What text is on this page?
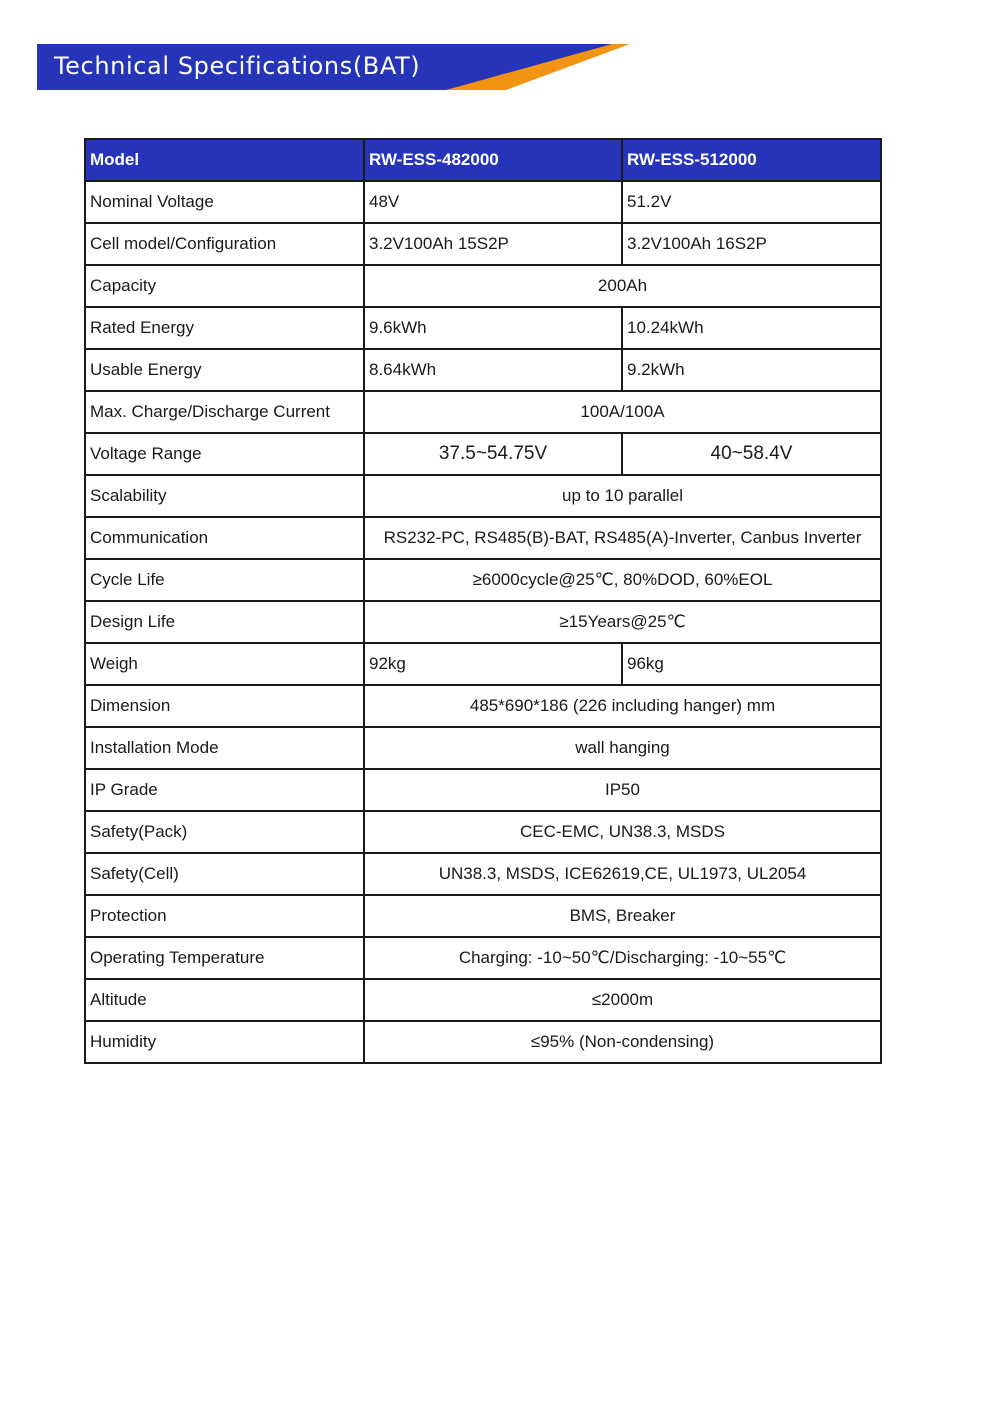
Technical Specifications(BAT)
Model	RW-ESS-482000	RW-ESS-512000
Nominal Voltage	48V	51.2V
Cell model/Configuration	3.2V100Ah 15S2P	3.2V100Ah 16S2P
Capacity	200Ah	
Rated Energy	9.6kWh	10.24kWh
Usable Energy	8.64kWh	9.2kWh
Max. Charge/Discharge Current	100A/100A	
Voltage Range	37.5~54.75V	40~58.4V
Scalability	up to 10 parallel	
Communication	RS232-PC, RS485(B)-BAT, RS485(A)-Inverter, Canbus Inverter	
Cycle Life	≥6000cycle@25℃, 80%DOD, 60%EOL	
Design Life	≥15Years@25℃	
Weigh	92kg	96kg
Dimension	485*690*186 (226 including hanger) mm	
Installation Mode	wall hanging	
IP Grade	IP50	
Safety(Pack)	CEC-EMC, UN38.3, MSDS	
Safety(Cell)	UN38.3, MSDS, ICE62619,CE, UL1973, UL2054	
Protection	BMS, Breaker	
Operating Temperature	Charging: -10~50℃/Discharging: -10~55℃	
Altitude	≤2000m	
Humidity	≤95% (Non-condensing)	
